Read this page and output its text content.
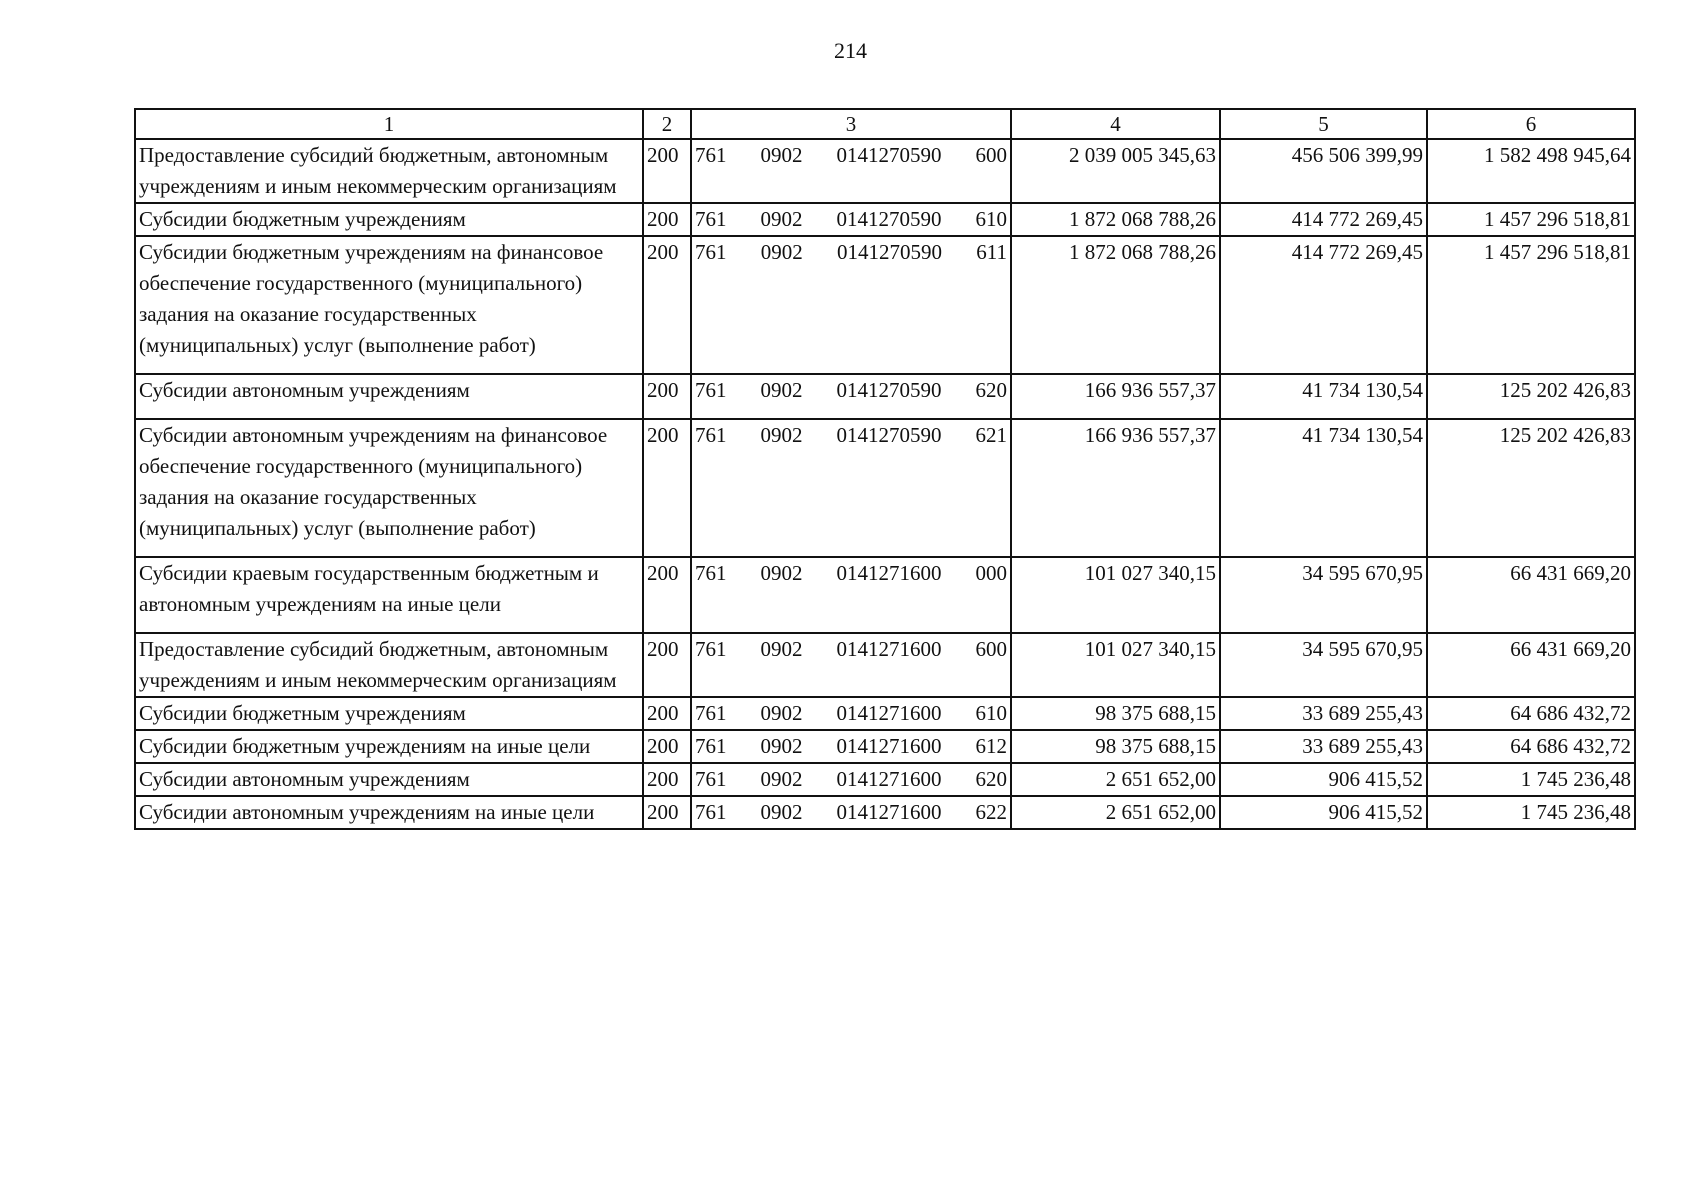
214
1	2	3	4	5	6
Предоставление субсидий бюджетным, автономным учреждениям и иным некоммерческим организациям	200	761 0902 0141270590 600	2 039 005 345,63	456 506 399,99	1 582 498 945,64
Субсидии бюджетным учреждениям	200	761 0902 0141270590 610	1 872 068 788,26	414 772 269,45	1 457 296 518,81
Субсидии бюджетным учреждениям на финансовое обеспечение государственного (муниципального) задания на оказание государственных (муниципальных) услуг (выполнение работ)	200	761 0902 0141270590 611	1 872 068 788,26	414 772 269,45	1 457 296 518,81
Субсидии автономным учреждениям	200	761 0902 0141270590 620	166 936 557,37	41 734 130,54	125 202 426,83
Субсидии автономным учреждениям на финансовое обеспечение государственного (муниципального) задания на оказание государственных (муниципальных) услуг (выполнение работ)	200	761 0902 0141270590 621	166 936 557,37	41 734 130,54	125 202 426,83
Субсидии краевым государственным бюджетным и автономным учреждениям на иные цели	200	761 0902 0141271600 000	101 027 340,15	34 595 670,95	66 431 669,20
Предоставление субсидий бюджетным, автономным учреждениям и иным некоммерческим организациям	200	761 0902 0141271600 600	101 027 340,15	34 595 670,95	66 431 669,20
Субсидии бюджетным учреждениям	200	761 0902 0141271600 610	98 375 688,15	33 689 255,43	64 686 432,72
Субсидии бюджетным учреждениям на иные цели	200	761 0902 0141271600 612	98 375 688,15	33 689 255,43	64 686 432,72
Субсидии автономным учреждениям	200	761 0902 0141271600 620	2 651 652,00	906 415,52	1 745 236,48
Субсидии автономным учреждениям на иные цели	200	761 0902 0141271600 622	2 651 652,00	906 415,52	1 745 236,48
